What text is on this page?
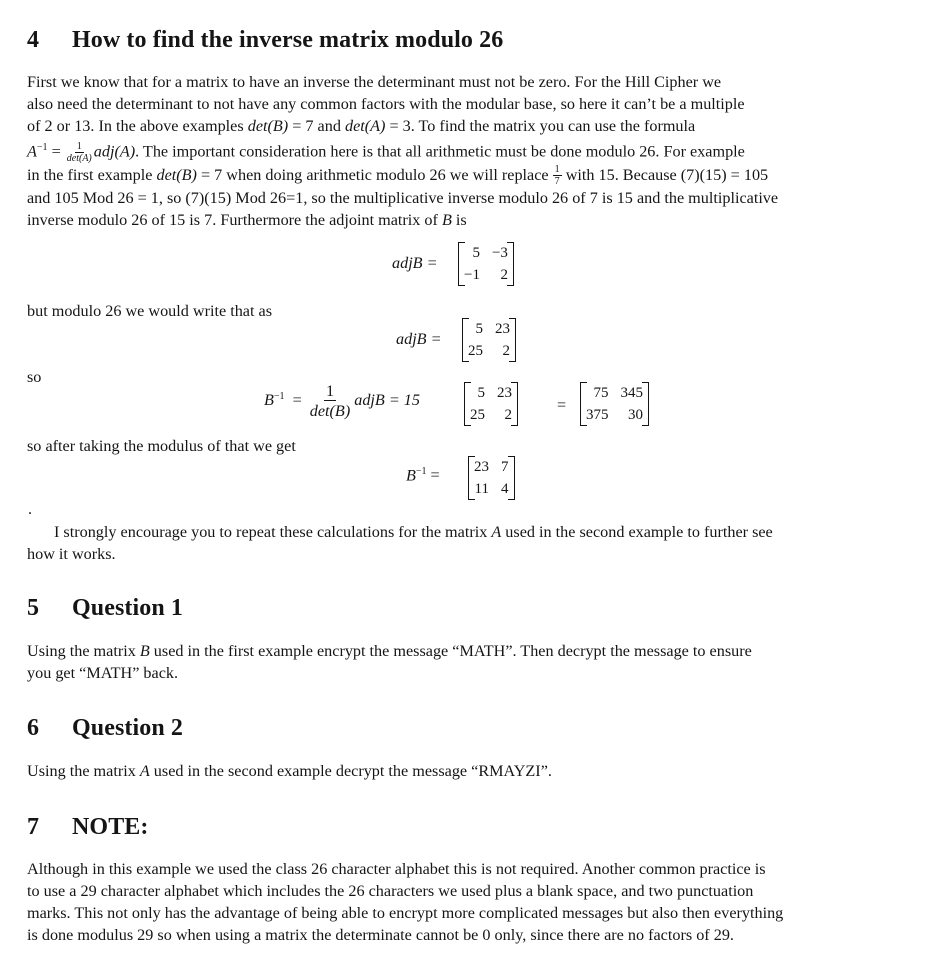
4 How to find the inverse matrix modulo 26

First we know that for a matrix to have an inverse the determinant must not be zero. For the Hill Cipher we

also need the determinant to not have any common factors with the modular base, so here it can’t be a multiple

of 2 or 13. In the above examples det(B) = 7 and det(A) = 3. To find the matrix you can use the formula

$A^{-1} = \frac{1}{\det(A)} adj(A)$. The important consideration here is that all arithmetic must be done modulo 26. For example

in the first example det(B) = 7 when doing arithmetic modulo 26 we will replace $\frac{1}{7}$ with 15. Because (7)(15) = 105

and 105 Mod 26 = 1, so (7)(15) Mod 26=1, so the multiplicative inverse modulo 26 of 7 is 15 and the multiplicative

inverse modulo 26 of 15 is 7. Furthermore the adjoint matrix of B is

adjB =
5	−3
−1	2
but modulo 26 we would write that as
adjB =
5	23
25	2
so
$B^{-1} = \frac{1}{\det(B)}$ adjB = 15	5	23
25	2
=
75	345
375	30
so after taking the modulus of that we get
$B^{-1} = 23$	7
11	4
.

I strongly encourage you to repeat these calculations for the matrix A used in the second example to further see

how it works.

5 Question 1

Using the matrix B used in the first example encrypt the message “MATH”. Then decrypt the message to ensure

you get “MATH” back.

6 Question 2

Using the matrix A used in the second example decrypt the message “RMAYZI”.

7 NOTE:

Although in this example we used the class 26 character alphabet this is not required. Another common practice is

to use a 29 character alphabet which includes the 26 characters we used plus a blank space, and two punctuation

marks. This not only has the advantage of being able to encrypt more complicated messages but also then everything

is done modulus 29 so when using a matrix the determinate cannot be 0 only, since there are no factors of 29.
